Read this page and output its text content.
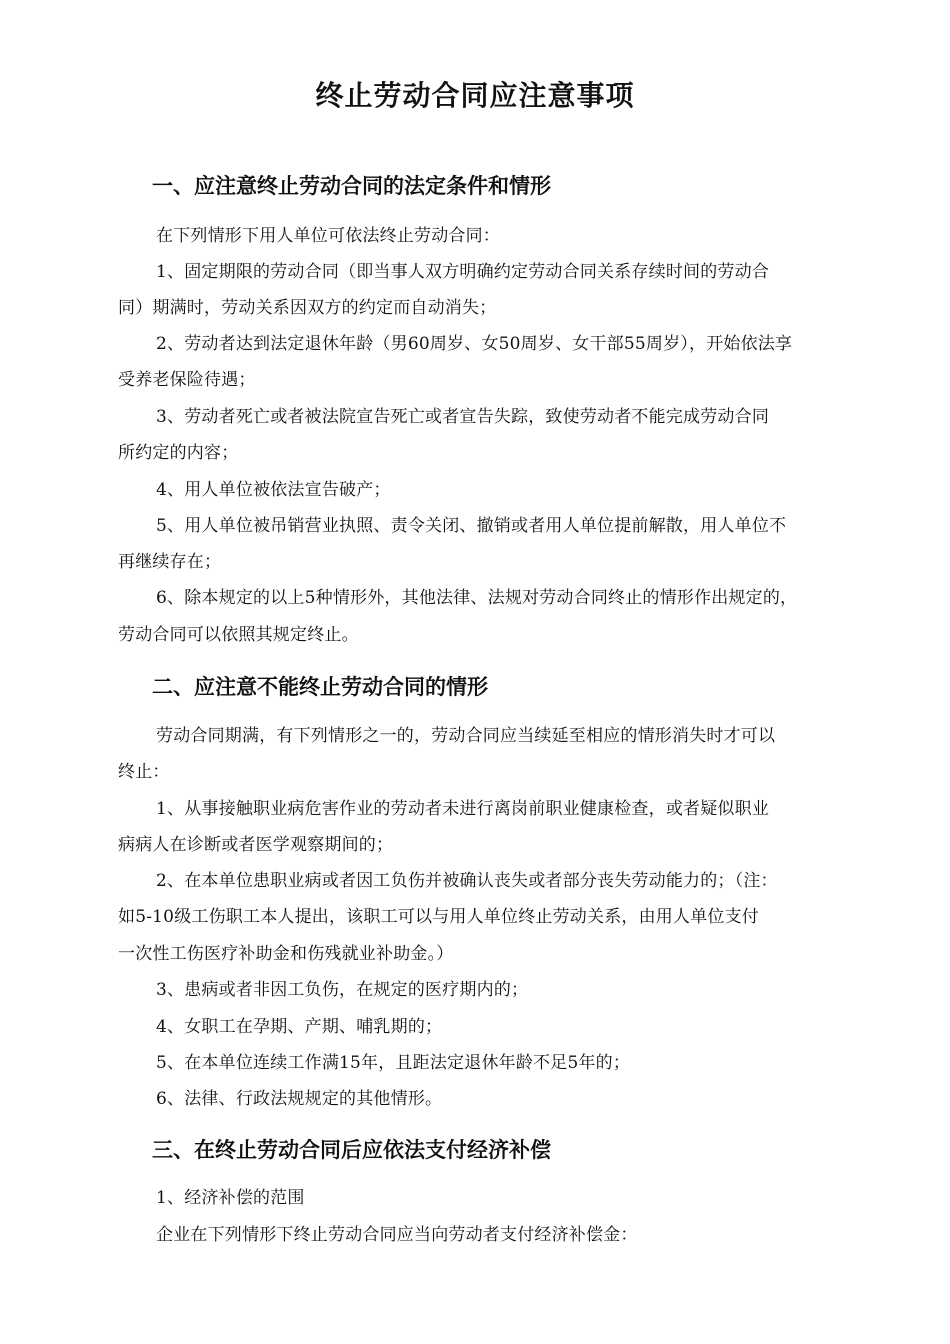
终止劳动合同应注意事项
一、应注意终止劳动合同的法定条件和情形
在下列情形下用人单位可依法终止劳动合同：
1、固定期限的劳动合同（即当事人双方明确约定劳动合同关系存续时间的劳动合
同）期满时，劳动关系因双方的约定而自动消失；
2、劳动者达到法定退休年龄（男60周岁、女50周岁、女干部55周岁），开始依法享
受养老保险待遇；
3、劳动者死亡或者被法院宣告死亡或者宣告失踪，致使劳动者不能完成劳动合同
所约定的内容；
4、用人单位被依法宣告破产；
5、用人单位被吊销营业执照、责令关闭、撤销或者用人单位提前解散，用人单位不
再继续存在；
6、除本规定的以上5种情形外，其他法律、法规对劳动合同终止的情形作出规定的，
劳动合同可以依照其规定终止。
二、应注意不能终止劳动合同的情形
劳动合同期满，有下列情形之一的，劳动合同应当续延至相应的情形消失时才可以
终止：
1、从事接触职业病危害作业的劳动者未进行离岗前职业健康检查，或者疑似职业
病病人在诊断或者医学观察期间的；
2、在本单位患职业病或者因工负伤并被确认丧失或者部分丧失劳动能力的；（注：
如5-10级工伤职工本人提出，该职工可以与用人单位终止劳动关系，由用人单位支付
一次性工伤医疗补助金和伤残就业补助金。）
3、患病或者非因工负伤，在规定的医疗期内的；
4、女职工在孕期、产期、哺乳期的；
5、在本单位连续工作满15年，且距法定退休年龄不足5年的；
6、法律、行政法规规定的其他情形。
三、在终止劳动合同后应依法支付经济补偿
1、经济补偿的范围
企业在下列情形下终止劳动合同应当向劳动者支付经济补偿金：
